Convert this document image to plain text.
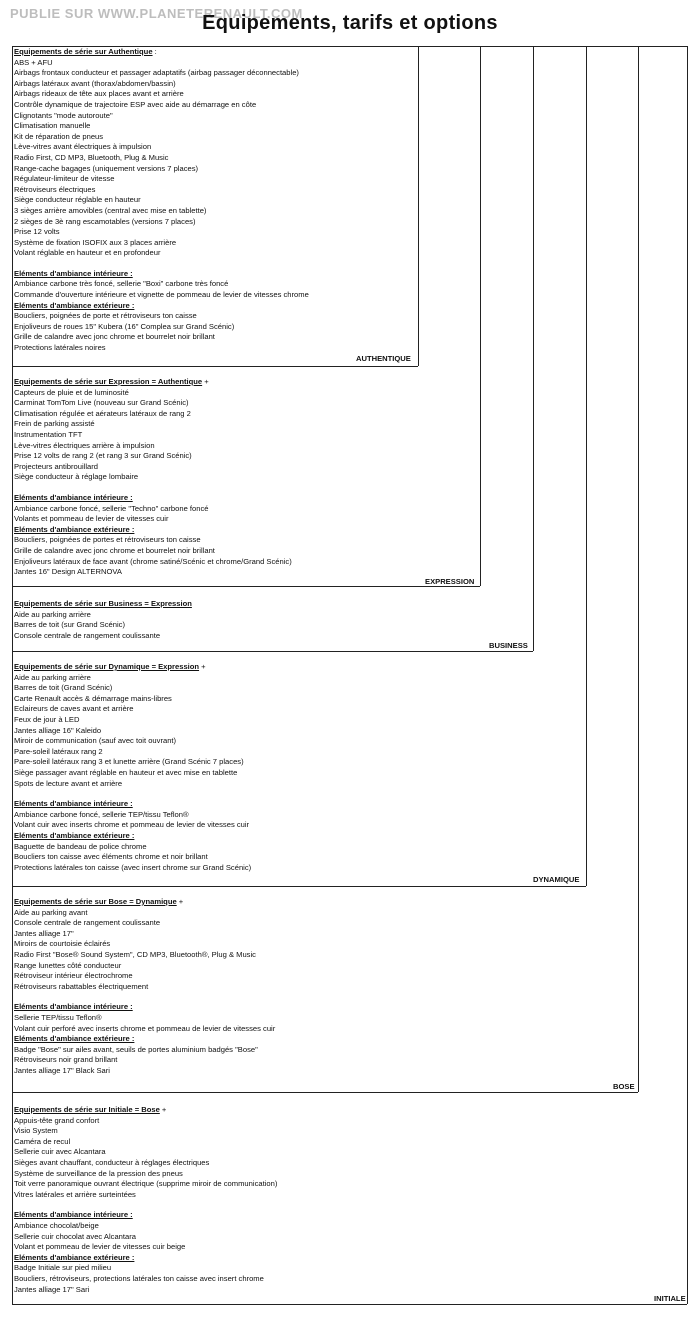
PUBLIE SUR WWW.PLANETERENAULT.COM
Equipements, tarifs et options
AUTHENTIQUE
EXPRESSION
BUSINESS
DYNAMIQUE
BOSE
INITIALE
Equipements de série sur Authentique :
ABS + AFU
Airbags frontaux conducteur et passager adaptatifs (airbag passager déconnectable)
Airbags latéraux avant (thorax/abdomen/bassin)
Airbags rideaux de tête aux places avant et arrière
Contrôle dynamique de trajectoire ESP avec aide au démarrage en côte
Clignotants "mode autoroute"
Climatisation manuelle
Kit de réparation de pneus
Lève-vitres avant électriques à impulsion
Radio First, CD MP3, Bluetooth, Plug & Music
Range-cache bagages (uniquement versions 7 places)
Régulateur-limiteur de vitesse
Rétroviseurs électriques
Siège conducteur réglable en hauteur
3 sièges arrière amovibles (central avec mise en tablette)
2 sièges de 3è rang escamotables (versions 7 places)
Prise 12 volts
Système de fixation ISOFIX aux 3 places arrière
Volant réglable en hauteur et en profondeur
Eléments d'ambiance intérieure :
Ambiance carbone très foncé, sellerie "Boxi" carbone très foncé
Commande d'ouverture intérieure et vignette de pommeau de levier de vitesses chrome
Eléments d'ambiance extérieure :
Boucliers, poignées de porte et rétroviseurs ton caisse
Enjoliveurs de roues 15" Kubera (16" Complea sur Grand Scénic)
Grille de calandre avec jonc chrome et bourrelet noir brillant
Protections latérales noires
Equipements de série sur Expression = Authentique +
Capteurs de pluie et de luminosité
Carminat TomTom Live (nouveau sur Grand Scénic)
Climatisation régulée et aérateurs latéraux de rang 2
Frein de parking assisté
Instrumentation TFT
Lève-vitres électriques arrière à impulsion
Prise 12 volts de rang 2 (et rang 3 sur Grand Scénic)
Projecteurs antibrouillard
Siège conducteur à réglage lombaire
Eléments d'ambiance intérieure :
Ambiance carbone foncé, sellerie "Techno" carbone foncé
Volants et pommeau de levier de vitesses cuir
Eléments d'ambiance extérieure :
Boucliers, poignées de portes et rétroviseurs ton caisse
Grille de calandre avec jonc chrome et bourrelet noir brillant
Enjoliveurs latéraux de face avant (chrome satiné/Scénic et chrome/Grand Scénic)
Jantes 16" Design ALTERNOVA
Equipements de série sur Business = Expression
Aide au parking arrière
Barres de toit (sur Grand Scénic)
Console centrale de rangement coulissante
Equipements de série sur Dynamique = Expression +
Aide au parking arrière
Barres de toit (Grand Scénic)
Carte Renault accès & démarrage mains-libres
Eclaireurs de caves avant et arrière
Feux de jour à LED
Jantes alliage 16" Kaleido
Miroir de communication (sauf avec toit ouvrant)
Pare-soleil latéraux rang 2
Pare-soleil latéraux rang 3 et lunette arrière (Grand Scénic 7 places)
Siège passager avant réglable en hauteur et avec mise en tablette
Spots de lecture avant et arrière
Eléments d'ambiance intérieure :
Ambiance carbone foncé, sellerie TEP/tissu Teflon®
Volant cuir avec inserts chrome et pommeau de levier de vitesses cuir
Eléments d'ambiance extérieure :
Baguette de bandeau de police chrome
Boucliers ton caisse avec éléments chrome et noir brillant
Protections latérales ton caisse (avec insert chrome sur Grand Scénic)
Equipements de série sur Bose = Dynamique +
Aide au parking avant
Console centrale de rangement coulissante
Jantes alliage 17"
Miroirs de courtoisie éclairés
Radio First "Bose® Sound System", CD MP3, Bluetooth®, Plug & Music
Range lunettes côté conducteur
Rétroviseur intérieur électrochrome
Rétroviseurs rabattables électriquement
Eléments d'ambiance intérieure :
Sellerie TEP/tissu Teflon®
Volant cuir perforé avec inserts chrome et pommeau de levier de vitesses cuir
Eléments d'ambiance extérieure :
Badge "Bose" sur ailes avant, seuils de portes aluminium badgés "Bose"
Rétroviseurs noir grand brillant
Jantes alliage 17" Black Sari
Equipements de série sur Initiale = Bose +
Appuis-tête grand confort
Visio System
Caméra de recul
Sellerie cuir avec Alcantara
Sièges avant chauffant, conducteur à réglages électriques
Système de surveillance de la pression des pneus
Toit verre panoramique ouvrant électrique (supprime miroir de communication)
Vitres latérales et arrière surteintées
Eléments d'ambiance intérieure :
Ambiance chocolat/beige
Sellerie cuir chocolat avec Alcantara
Volant et pommeau de levier de vitesses cuir beige
Eléments d'ambiance extérieure :
Badge Initiale sur pied milieu
Boucliers, rétroviseurs, protections latérales ton caisse avec insert chrome
Jantes alliage 17" Sari
